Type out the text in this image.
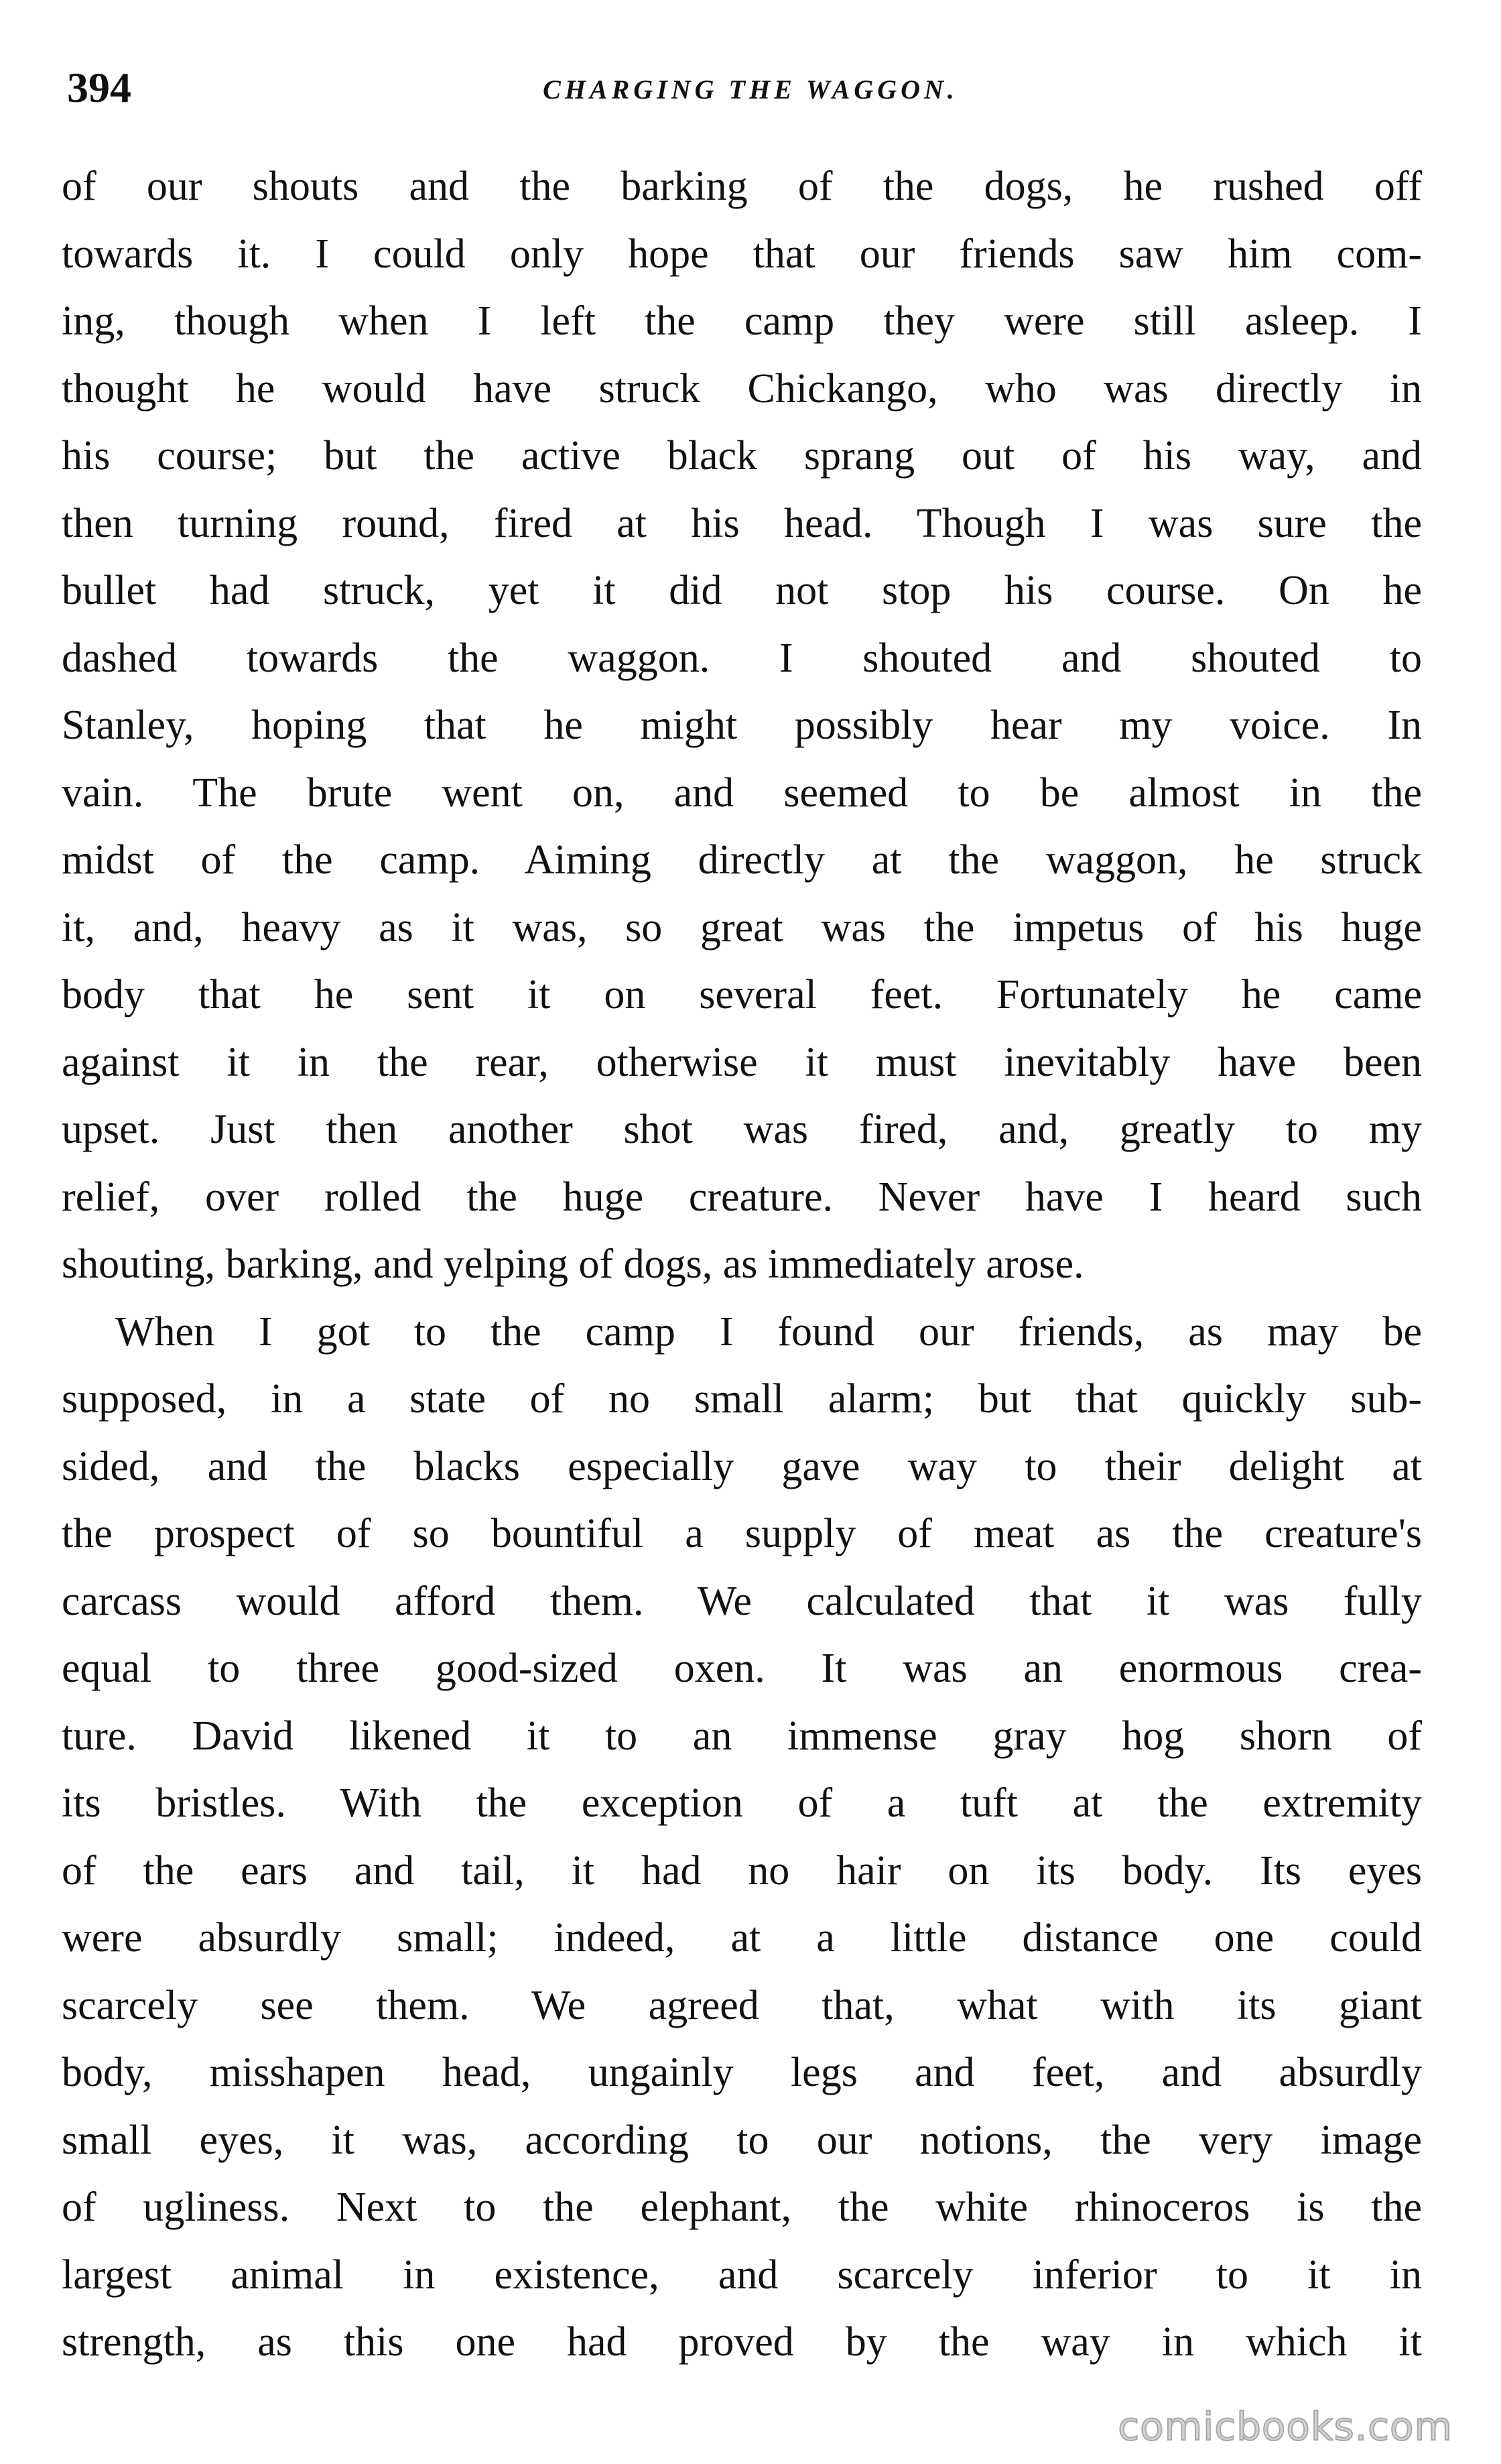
394	CHARGING THE WAGGON.
of our shouts and the barking of the dogs, he rushed off
towards it. I could only hope that our friends saw him com-
ing, though when I left the camp they were still asleep. I
thought he would have struck Chickango, who was directly in
his course; but the active black sprang out of his way, and
then turning round, fired at his head. Though I was sure the
bullet had struck, yet it did not stop his course. On he
dashed towards the waggon. I shouted and shouted to
Stanley, hoping that he might possibly hear my voice. In
vain. The brute went on, and seemed to be almost in the
midst of the camp. Aiming directly at the waggon, he struck
it, and, heavy as it was, so great was the impetus of his huge
body that he sent it on several feet. Fortunately he came
against it in the rear, otherwise it must inevitably have been
upset. Just then another shot was fired, and, greatly to my
relief, over rolled the huge creature. Never have I heard such
shouting, barking, and yelping of dogs, as immediately arose.
When I got to the camp I found our friends, as may be
supposed, in a state of no small alarm; but that quickly sub-
sided, and the blacks especially gave way to their delight at
the prospect of so bountiful a supply of meat as the creature's
carcass would afford them. We calculated that it was fully
equal to three good-sized oxen. It was an enormous crea-
ture. David likened it to an immense gray hog shorn of
its bristles. With the exception of a tuft at the extremity
of the ears and tail, it had no hair on its body. Its eyes
were absurdly small; indeed, at a little distance one could
scarcely see them. We agreed that, what with its giant
body, misshapen head, ungainly legs and feet, and absurdly
small eyes, it was, according to our notions, the very image
of ugliness. Next to the elephant, the white rhinoceros is the
largest animal in existence, and scarcely inferior to it in
strength, as this one had proved by the way in which it
comicbooks.com
